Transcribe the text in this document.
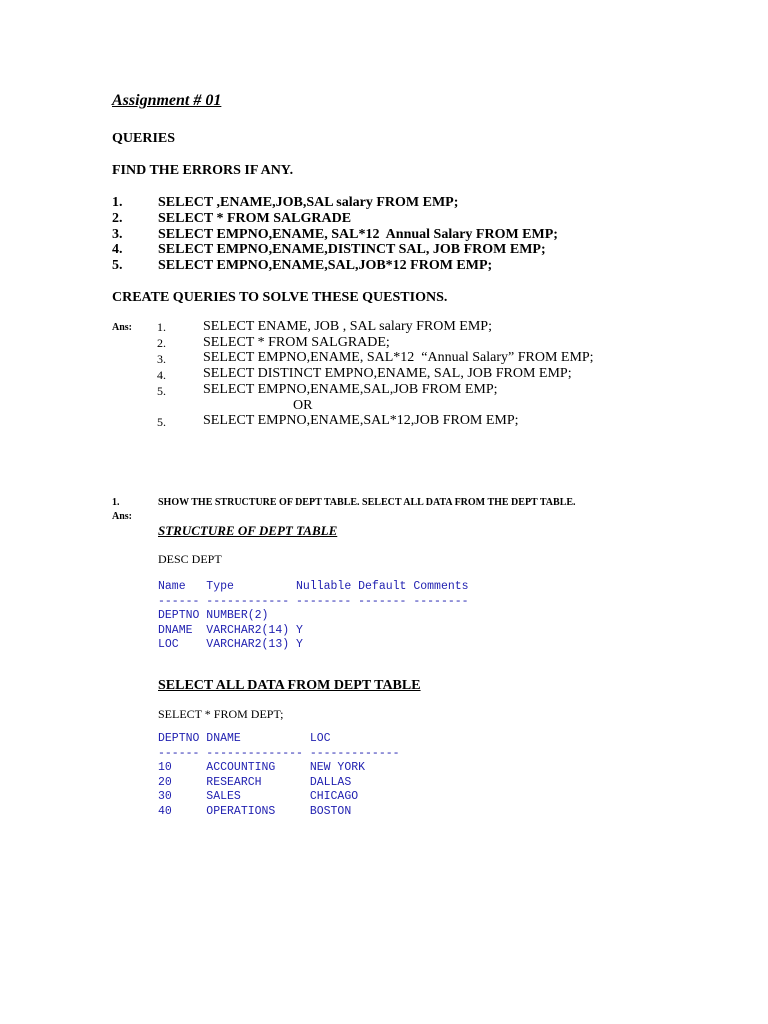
Assignment # 01
QUERIES
FIND THE ERRORS IF ANY.
1.	SELECT ,ENAME,JOB,SAL salary FROM EMP;
2.	SELECT * FROM SALGRADE
3.	SELECT EMPNO,ENAME, SAL*12  Annual Salary FROM EMP;
4.	SELECT EMPNO,ENAME,DISTINCT SAL, JOB FROM EMP;
5.	SELECT EMPNO,ENAME,SAL,JOB*12 FROM EMP;
CREATE QUERIES TO SOLVE THESE QUESTIONS.
Ans: 1.	SELECT ENAME, JOB , SAL salary FROM EMP;
2.	SELECT * FROM SALGRADE;
3.	SELECT EMPNO,ENAME, SAL*12  “Annual Salary” FROM EMP;
4.	SELECT DISTINCT EMPNO,ENAME, SAL, JOB FROM EMP;
5.	SELECT EMPNO,ENAME,SAL,JOB FROM EMP;
OR
5.	SELECT EMPNO,ENAME,SAL*12,JOB FROM EMP;
1.	SHOW THE STRUCTURE OF DEPT TABLE. SELECT ALL DATA FROM THE DEPT TABLE.
Ans:
STRUCTURE OF DEPT TABLE
DESC DEPT
Name   Type         Nullable Default Comments
------ ------------ -------- ------- --------
DEPTNO NUMBER(2)
DNAME  VARCHAR2(14) Y
LOC    VARCHAR2(13) Y
SELECT ALL DATA FROM DEPT TABLE
SELECT * FROM DEPT;
DEPTNO DNAME          LOC
------ -------------- -------------
10     ACCOUNTING     NEW YORK
20     RESEARCH       DALLAS
30     SALES          CHICAGO
40     OPERATIONS     BOSTON
